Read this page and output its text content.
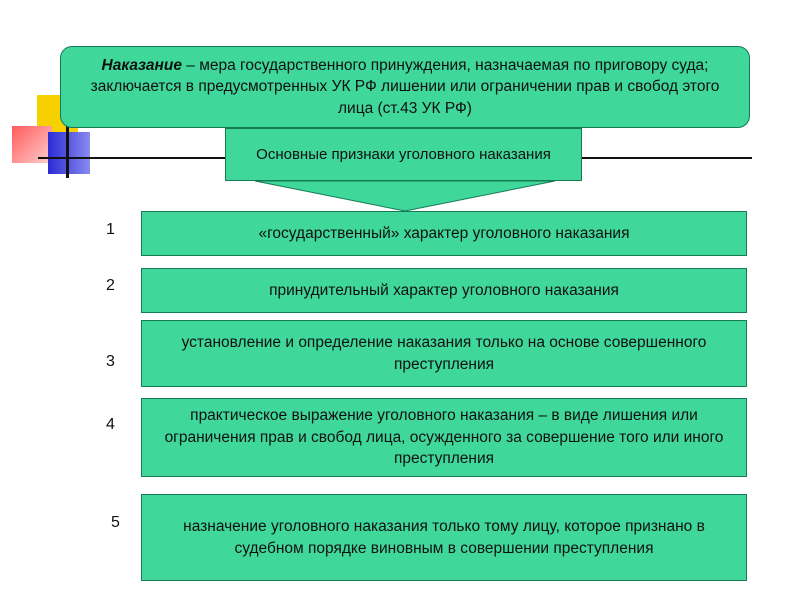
Наказание – мера государственного принуждения, назначаемая по приговору суда; заключается в предусмотренных УК РФ лишении или ограничении прав и свобод этого лица (ст.43 УК РФ)
Основные признаки уголовного наказания
1	«государственный» характер уголовного наказания
2	принудительный характер уголовного наказания
3
установление и определение наказания только на основе совершенного преступления
4
практическое выражение уголовного наказания – в виде лишения или ограничения прав и свобод лица, осужденного за совершение того или иного преступления
5	назначение уголовного наказания только тому лицу, которое признано в судебном порядке виновным в совершении преступления
